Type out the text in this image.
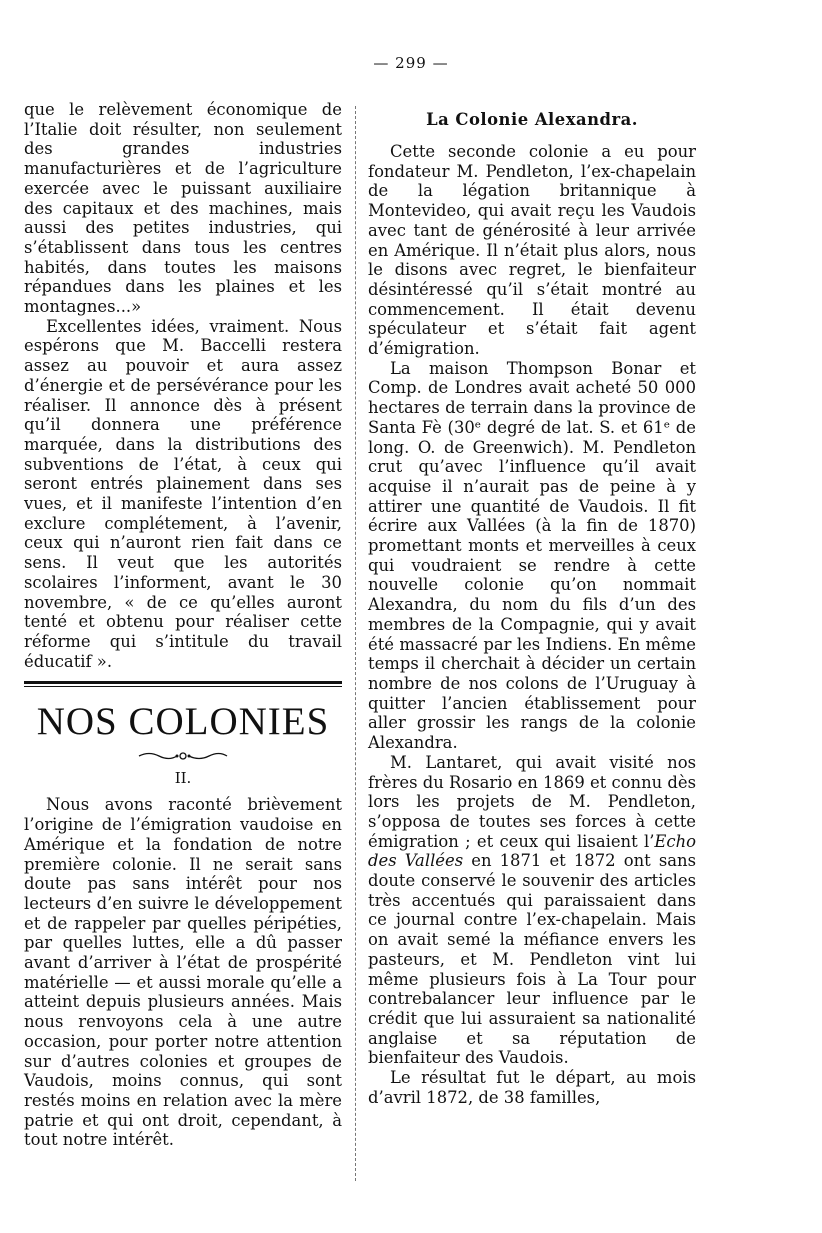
— 299 —

que le relèvement économique de l’Italie doit résulter, non seulement des grandes industries manufacturières et de l’agriculture exercée avec le puissant auxiliaire des capitaux et des machines, mais aussi des petites industries, qui s’établissent dans tous les centres habités, dans toutes les maisons répandues dans les plaines et les montagnes...»

Excellentes idées, vraiment. Nous espérons que M. Baccelli restera assez au pouvoir et aura assez d’énergie et de persévérance pour les réaliser. Il annonce dès à présent qu’il donnera une préférence marquée, dans la distributions des subventions de l’état, à ceux qui seront entrés plainement dans ses vues, et il manifeste l’intention d’en exclure complétement, à l’avenir, ceux qui n’auront rien fait dans ce sens. Il veut que les autorités scolaires l’informent, avant le 30 novembre, « de ce qu’elles auront tenté et obtenu pour réaliser cette réforme qui s’intitule du travail éducatif ».

NOS COLONIES
II.

Nous avons raconté brièvement l’origine de l’émigration vaudoise en Amérique et la fondation de notre première colonie. Il ne serait sans doute pas sans intérêt pour nos lecteurs d’en suivre le développement et de rappeler par quelles péripéties, par quelles luttes, elle a dû passer avant d’arriver à l’état de prospérité matérielle — et aussi morale qu’elle a atteint depuis plusieurs années. Mais nous renvoyons cela à une autre occasion, pour porter notre attention sur d’autres colonies et groupes de Vaudois, moins connus, qui sont restés moins en relation avec la mère patrie et qui ont droit, cependant, à tout notre intérêt.

La Colonie Alexandra.

Cette seconde colonie a eu pour fondateur M. Pendleton, l’ex-chapelain de la légation britannique à Montevideo, qui avait reçu les Vaudois avec tant de générosité à leur arrivée en Amérique. Il n’était plus alors, nous le disons avec regret, le bienfaiteur désintéressé qu’il s’était montré au commencement. Il était devenu spéculateur et s’était fait agent d’émigration.

La maison Thompson Bonar et Comp. de Londres avait acheté 50 000 hectares de terrain dans la province de Santa Fè (30ᵉ degré de lat. S. et 61ᵉ de long. O. de Greenwich). M. Pendleton crut qu’avec l’influence qu’il avait acquise il n’aurait pas de peine à y attirer une quantité de Vaudois. Il fit écrire aux Vallées (à la fin de 1870) promettant monts et merveilles à ceux qui voudraient se rendre à cette nouvelle colonie qu’on nommait Alexandra, du nom du fils d’un des membres de la Compagnie, qui y avait été massacré par les Indiens. En même temps il cherchait à décider un certain nombre de nos colons de l’Uruguay à quitter l’ancien établissement pour aller grossir les rangs de la colonie Alexandra.

M. Lantaret, qui avait visité nos frères du Rosario en 1869 et connu dès lors les projets de M. Pendleton, s’opposa de toutes ses forces à cette émigration ; et ceux qui lisaient l’Echo des Vallées en 1871 et 1872 ont sans doute conservé le souvenir des articles très accentués qui paraissaient dans ce journal contre l’ex-chapelain. Mais on avait semé la méfiance envers les pasteurs, et M. Pendleton vint lui même plusieurs fois à La Tour pour contrebalancer leur influence par le crédit que lui assuraient sa nationalité anglaise et sa réputation de bienfaiteur des Vaudois.

Le résultat fut le départ, au mois d’avril 1872, de 38 familles,
